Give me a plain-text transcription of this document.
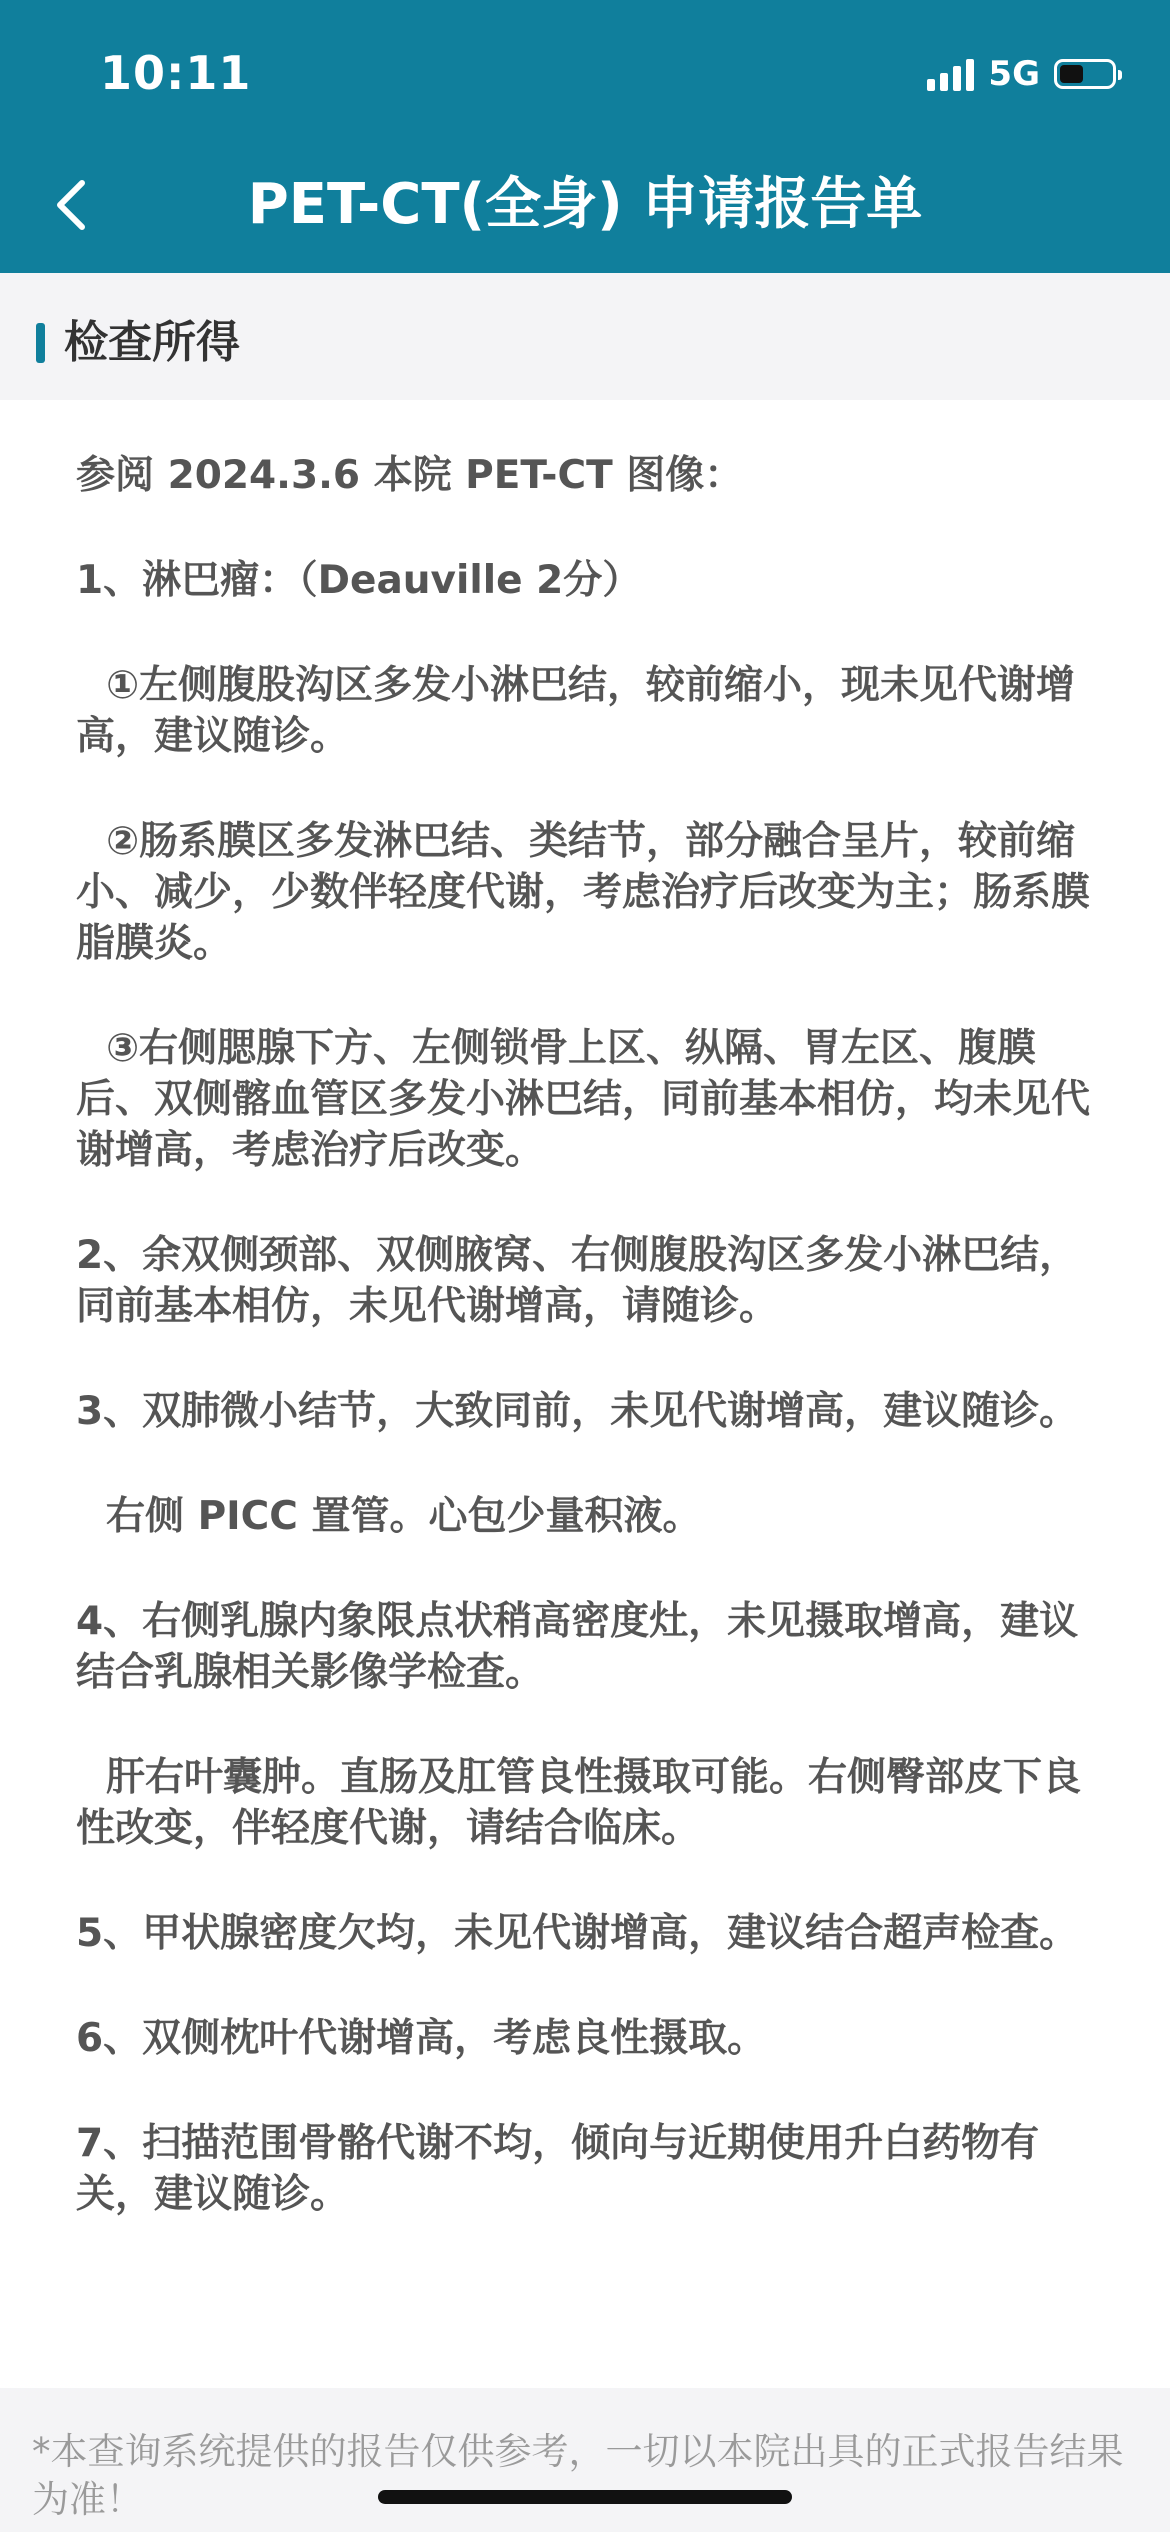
10:11	5G
PET-CT(全身) 申请报告单
检查所得

参阅 2024.3.6 本院 PET-CT 图像：

1、淋巴瘤：（Deauville 2分）

①左侧腹股沟区多发小淋巴结，较前缩小，现未见代谢增高，建议随诊。

②肠系膜区多发淋巴结、类结节，部分融合呈片，较前缩小、减少，少数伴轻度代谢，考虑治疗后改变为主；肠系膜脂膜炎。

③右侧腮腺下方、左侧锁骨上区、纵隔、胃左区、腹膜后、双侧髂血管区多发小淋巴结，同前基本相仿，均未见代谢增高，考虑治疗后改变。

2、余双侧颈部、双侧腋窝、右侧腹股沟区多发小淋巴结，同前基本相仿，未见代谢增高，请随诊。

3、双肺微小结节，大致同前，未见代谢增高，建议随诊。

右侧 PICC 置管。心包少量积液。

4、右侧乳腺内象限点状稍高密度灶，未见摄取增高，建议结合乳腺相关影像学检查。

肝右叶囊肿。直肠及肛管良性摄取可能。右侧臀部皮下良性改变，伴轻度代谢，请结合临床。

5、甲状腺密度欠均，未见代谢增高，建议结合超声检查。

6、双侧枕叶代谢增高，考虑良性摄取。

7、扫描范围骨骼代谢不均，倾向与近期使用升白药物有关，建议随诊。

*本查询系统提供的报告仅供参考，一切以本院出具的正式报告结果为准！
